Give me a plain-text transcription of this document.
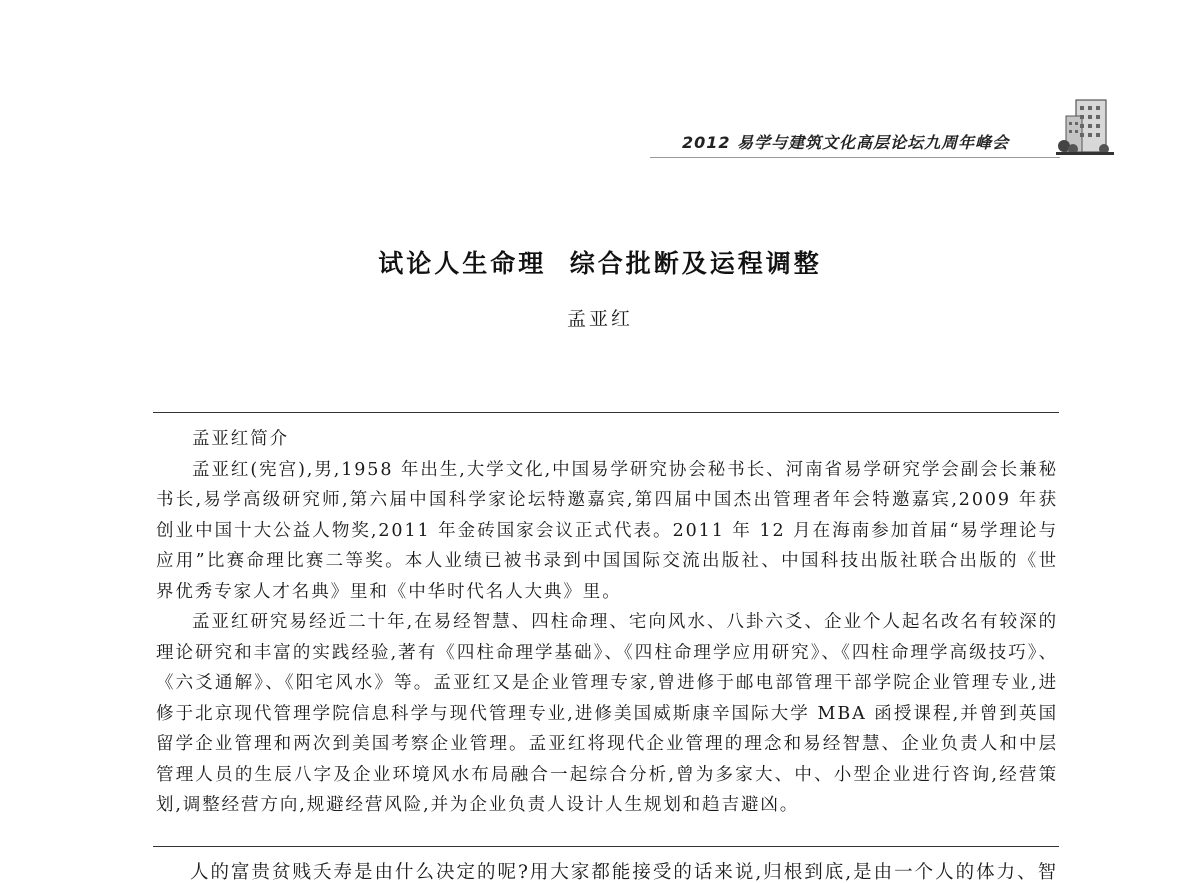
2012 易学与建筑文化高层论坛九周年峰会
试论人生命理  综合批断及运程调整
孟亚红
孟亚红简介

孟亚红(宪宫),男,1958 年出生,大学文化,中国易学研究协会秘书长、河南省易学研究学会副会长兼秘书长,易学高级研究师,第六届中国科学家论坛特邀嘉宾,第四届中国杰出管理者年会特邀嘉宾,2009 年获创业中国十大公益人物奖,2011 年金砖国家会议正式代表。2011 年 12 月在海南参加首届“易学理论与应用”比赛命理比赛二等奖。本人业绩已被书录到中国国际交流出版社、中国科技出版社联合出版的《世界优秀专家人才名典》里和《中华时代名人大典》里。

孟亚红研究易经近二十年,在易经智慧、四柱命理、宅向风水、八卦六爻、企业个人起名改名有较深的理论研究和丰富的实践经验,著有《四柱命理学基础》、《四柱命理学应用研究》、《四柱命理学高级技巧》、《六爻通解》、《阳宅风水》等。孟亚红又是企业管理专家,曾进修于邮电部管理干部学院企业管理专业,进修于北京现代管理学院信息科学与现代管理专业,进修美国威斯康辛国际大学 MBA 函授课程,并曾到英国留学企业管理和两次到美国考察企业管理。孟亚红将现代企业管理的理念和易经智慧、企业负责人和中层管理人员的生辰八字及企业环境风水布局融合一起综合分析,曾为多家大、中、小型企业进行咨询,经营策划,调整经营方向,规避经营风险,并为企业负责人设计人生规划和趋吉避凶。

人的富贵贫贱夭寿是由什么决定的呢?用大家都能接受的话来说,归根到底,是由一个人的体力、智
